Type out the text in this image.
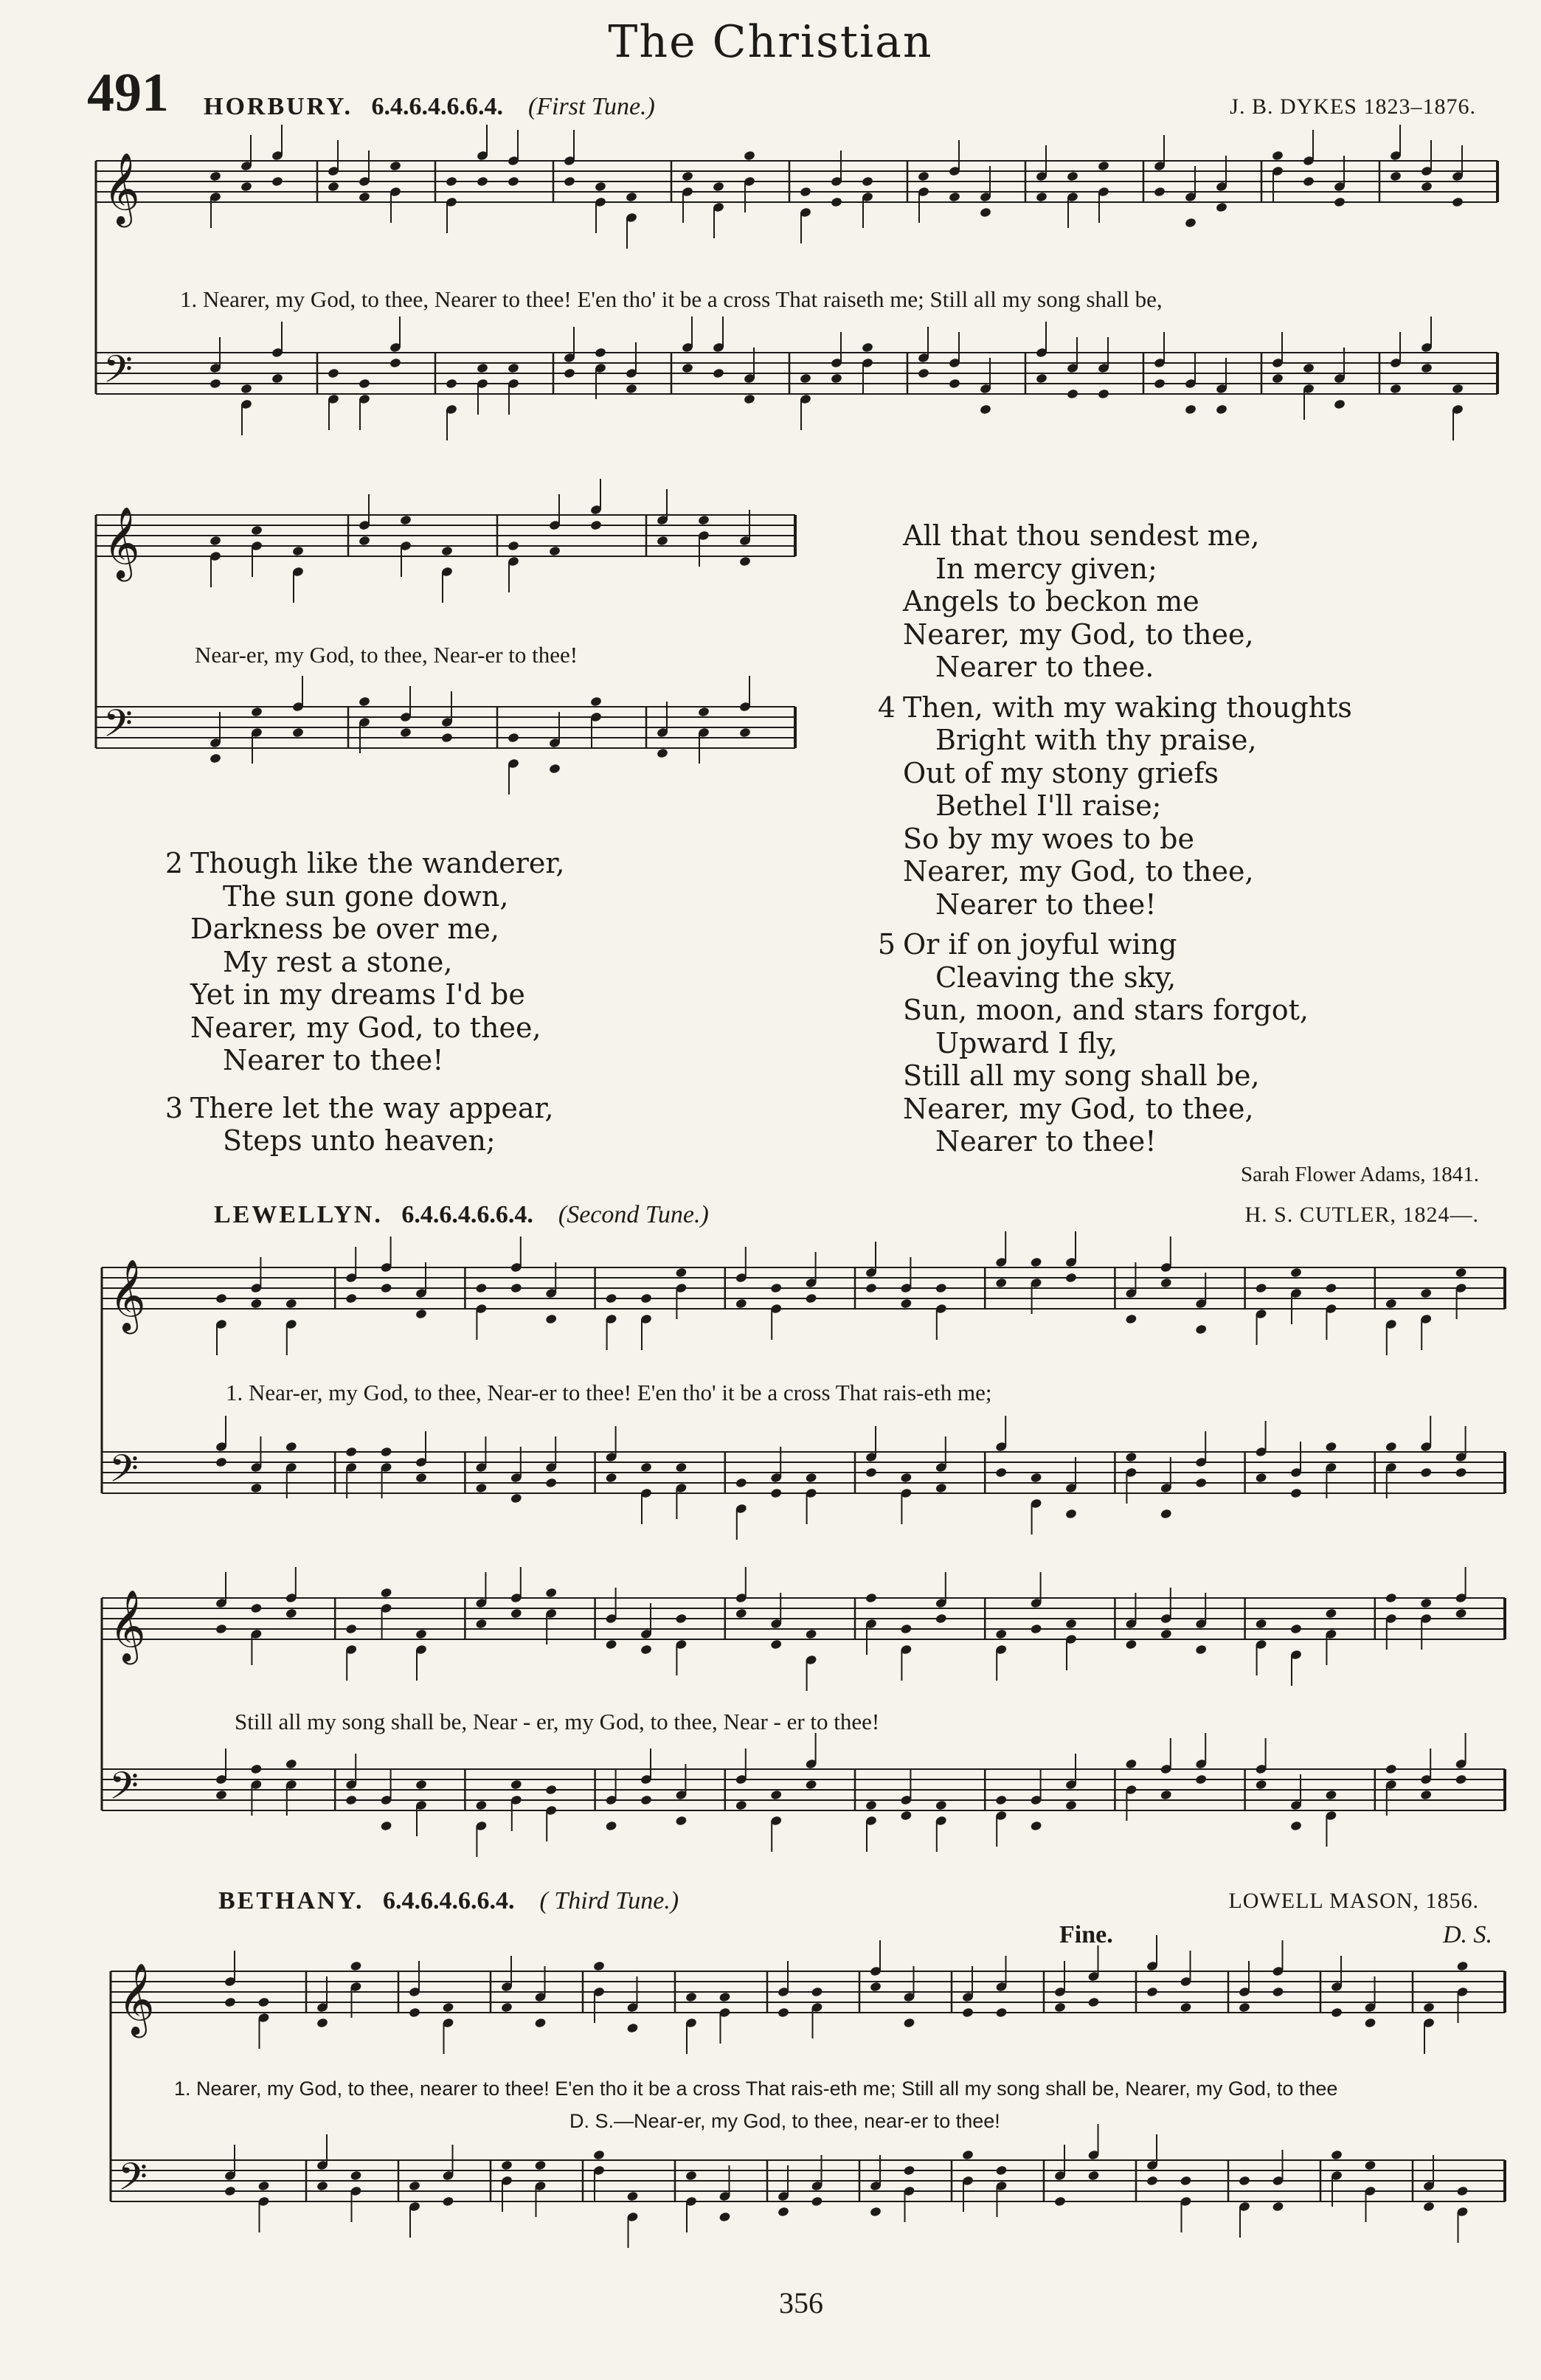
The Christian
491 HORBURY. 6.4.6.4.6.6.4. (First Tune.)	J. B. DYKES 1823–1876.
𝄞
𝄢
𝄞
𝄢
𝄞
𝄢
𝄞
𝄢
𝄞
𝄢
1. Nearer, my God, to thee, Nearer to thee! E'en tho' it be a cross That raiseth me; Still all my song shall be,
Near-er, my God, to thee, Near-er to thee!
2 Though like the wanderer,
The sun gone down,
Darkness be over me,
My rest a stone,
Yet in my dreams I'd be
Nearer, my God, to thee,
Nearer to thee!
3 There let the way appear,
Steps unto heaven;
All that thou sendest me,
In mercy given;
Angels to beckon me
Nearer, my God, to thee,
Nearer to thee.
4 Then, with my waking thoughts
Bright with thy praise,
Out of my stony griefs
Bethel I'll raise;
So by my woes to be
Nearer, my God, to thee,
Nearer to thee!
5 Or if on joyful wing
Cleaving the sky,
Sun, moon, and stars forgot,
Upward I fly,
Still all my song shall be,
Nearer, my God, to thee,
Nearer to thee!
Sarah Flower Adams, 1841.
LEWELLYN. 6.4.6.4.6.6.4. (Second Tune.)	H. S. CUTLER, 1824—.
1. Near-er, my God, to thee, Near-er to thee! E'en tho' it be a cross That rais-eth me;
Still all my song shall be, Near - er, my God, to thee, Near - er to thee!
BETHANY. 6.4.6.4.6.6.4. ( Third Tune.)	LOWELL MASON, 1856.
Fine.	D. S.
1. Nearer, my God, to thee, nearer to thee! E'en tho it be a cross That rais-eth me; Still all my song shall be, Nearer, my God, to thee
D. S.—Near-er, my God, to thee, near-er to thee!
356
